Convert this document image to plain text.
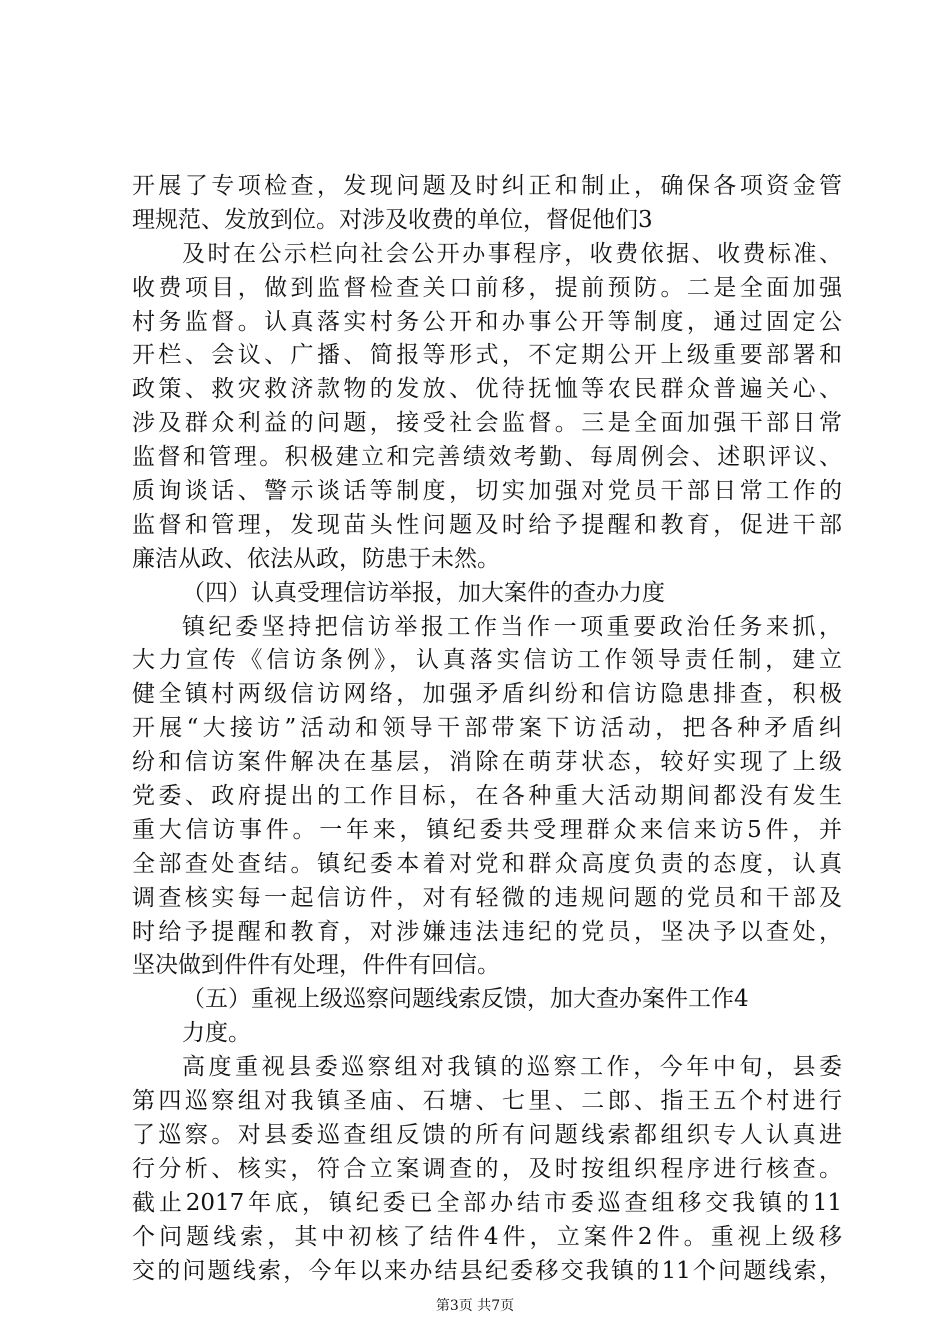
开展了专项检查，发现问题及时纠正和制止，确保各项资金管
理规范、发放到位。对涉及收费的单位，督促他们3
及时在公示栏向社会公开办事程序，收费依据、收费标准、
收费项目，做到监督检查关口前移，提前预防。二是全面加强
村务监督。认真落实村务公开和办事公开等制度，通过固定公
开栏、会议、广播、简报等形式，不定期公开上级重要部署和
政策、救灾救济款物的发放、优待抚恤等农民群众普遍关心、
涉及群众利益的问题，接受社会监督。三是全面加强干部日常
监督和管理。积极建立和完善绩效考勤、每周例会、述职评议、
质询谈话、警示谈话等制度，切实加强对党员干部日常工作的
监督和管理，发现苗头性问题及时给予提醒和教育，促进干部
廉洁从政、依法从政，防患于未然。
（四）认真受理信访举报，加大案件的查办力度
镇纪委坚持把信访举报工作当作一项重要政治任务来抓，
大力宣传《信访条例》，认真落实信访工作领导责任制，建立
健全镇村两级信访网络，加强矛盾纠纷和信访隐患排查，积极
开展“大接访”活动和领导干部带案下访活动，把各种矛盾纠
纷和信访案件解决在基层，消除在萌芽状态，较好实现了上级
党委、政府提出的工作目标，在各种重大活动期间都没有发生
重大信访事件。一年来，镇纪委共受理群众来信来访5件，并
全部查处查结。镇纪委本着对党和群众高度负责的态度，认真
调查核实每一起信访件，对有轻微的违规问题的党员和干部及
时给予提醒和教育，对涉嫌违法违纪的党员，坚决予以查处，
坚决做到件件有处理，件件有回信。
（五）重视上级巡察问题线索反馈，加大查办案件工作4
力度。
高度重视县委巡察组对我镇的巡察工作，今年中旬，县委
第四巡察组对我镇圣庙、石塘、七里、二郎、指王五个村进行
了巡察。对县委巡查组反馈的所有问题线索都组织专人认真进
行分析、核实，符合立案调查的，及时按组织程序进行核查。
截止2017年底，镇纪委已全部办结市委巡查组移交我镇的11
个问题线索，其中初核了结件4件，立案件2件。重视上级移
交的问题线索，今年以来办结县纪委移交我镇的11个问题线索，
第3页 共7页
